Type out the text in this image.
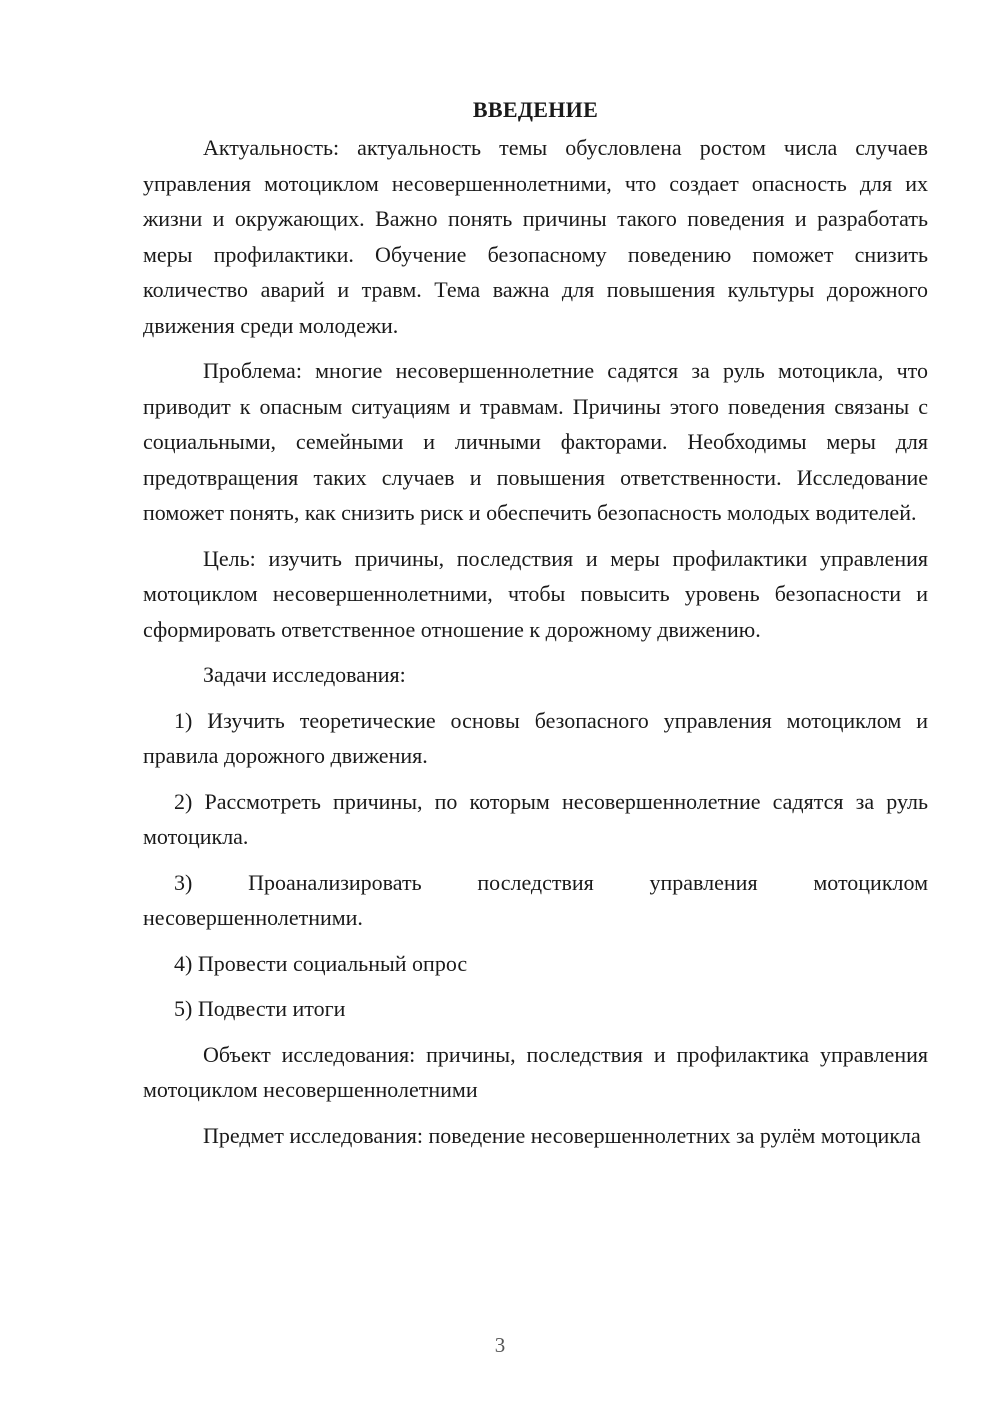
ВВЕДЕНИЕ

Актуальность: актуальность темы обусловлена ростом числа случаев управления мотоциклом несовершеннолетними, что создает опасность для их жизни и окружающих. Важно понять причины такого поведения и разработать меры профилактики. Обучение безопасному поведению поможет снизить количество аварий и травм. Тема важна для повышения культуры дорожного движения среди молодежи.

Проблема: многие несовершеннолетние садятся за руль мотоцикла, что приводит к опасным ситуациям и травмам. Причины этого поведения связаны с социальными, семейными и личными факторами. Необходимы меры для предотвращения таких случаев и повышения ответственности. Исследование поможет понять, как снизить риск и обеспечить безопасность молодых водителей.

Цель: изучить причины, последствия и меры профилактики управления мотоциклом несовершеннолетними, чтобы повысить уровень безопасности и сформировать ответственное отношение к дорожному движению.

Задачи исследования:

1) Изучить теоретические основы безопасного управления мотоциклом и правила дорожного движения.

2) Рассмотреть причины, по которым несовершеннолетние садятся за руль мотоцикла.

3) Проанализировать последствия управления мотоциклом несовершеннолетними.

4) Провести социальный опрос

5) Подвести итоги

Объект исследования: причины, последствия и профилактика управления мотоциклом несовершеннолетними

Предмет исследования: поведение несовершеннолетних за рулём мотоцикла

3
